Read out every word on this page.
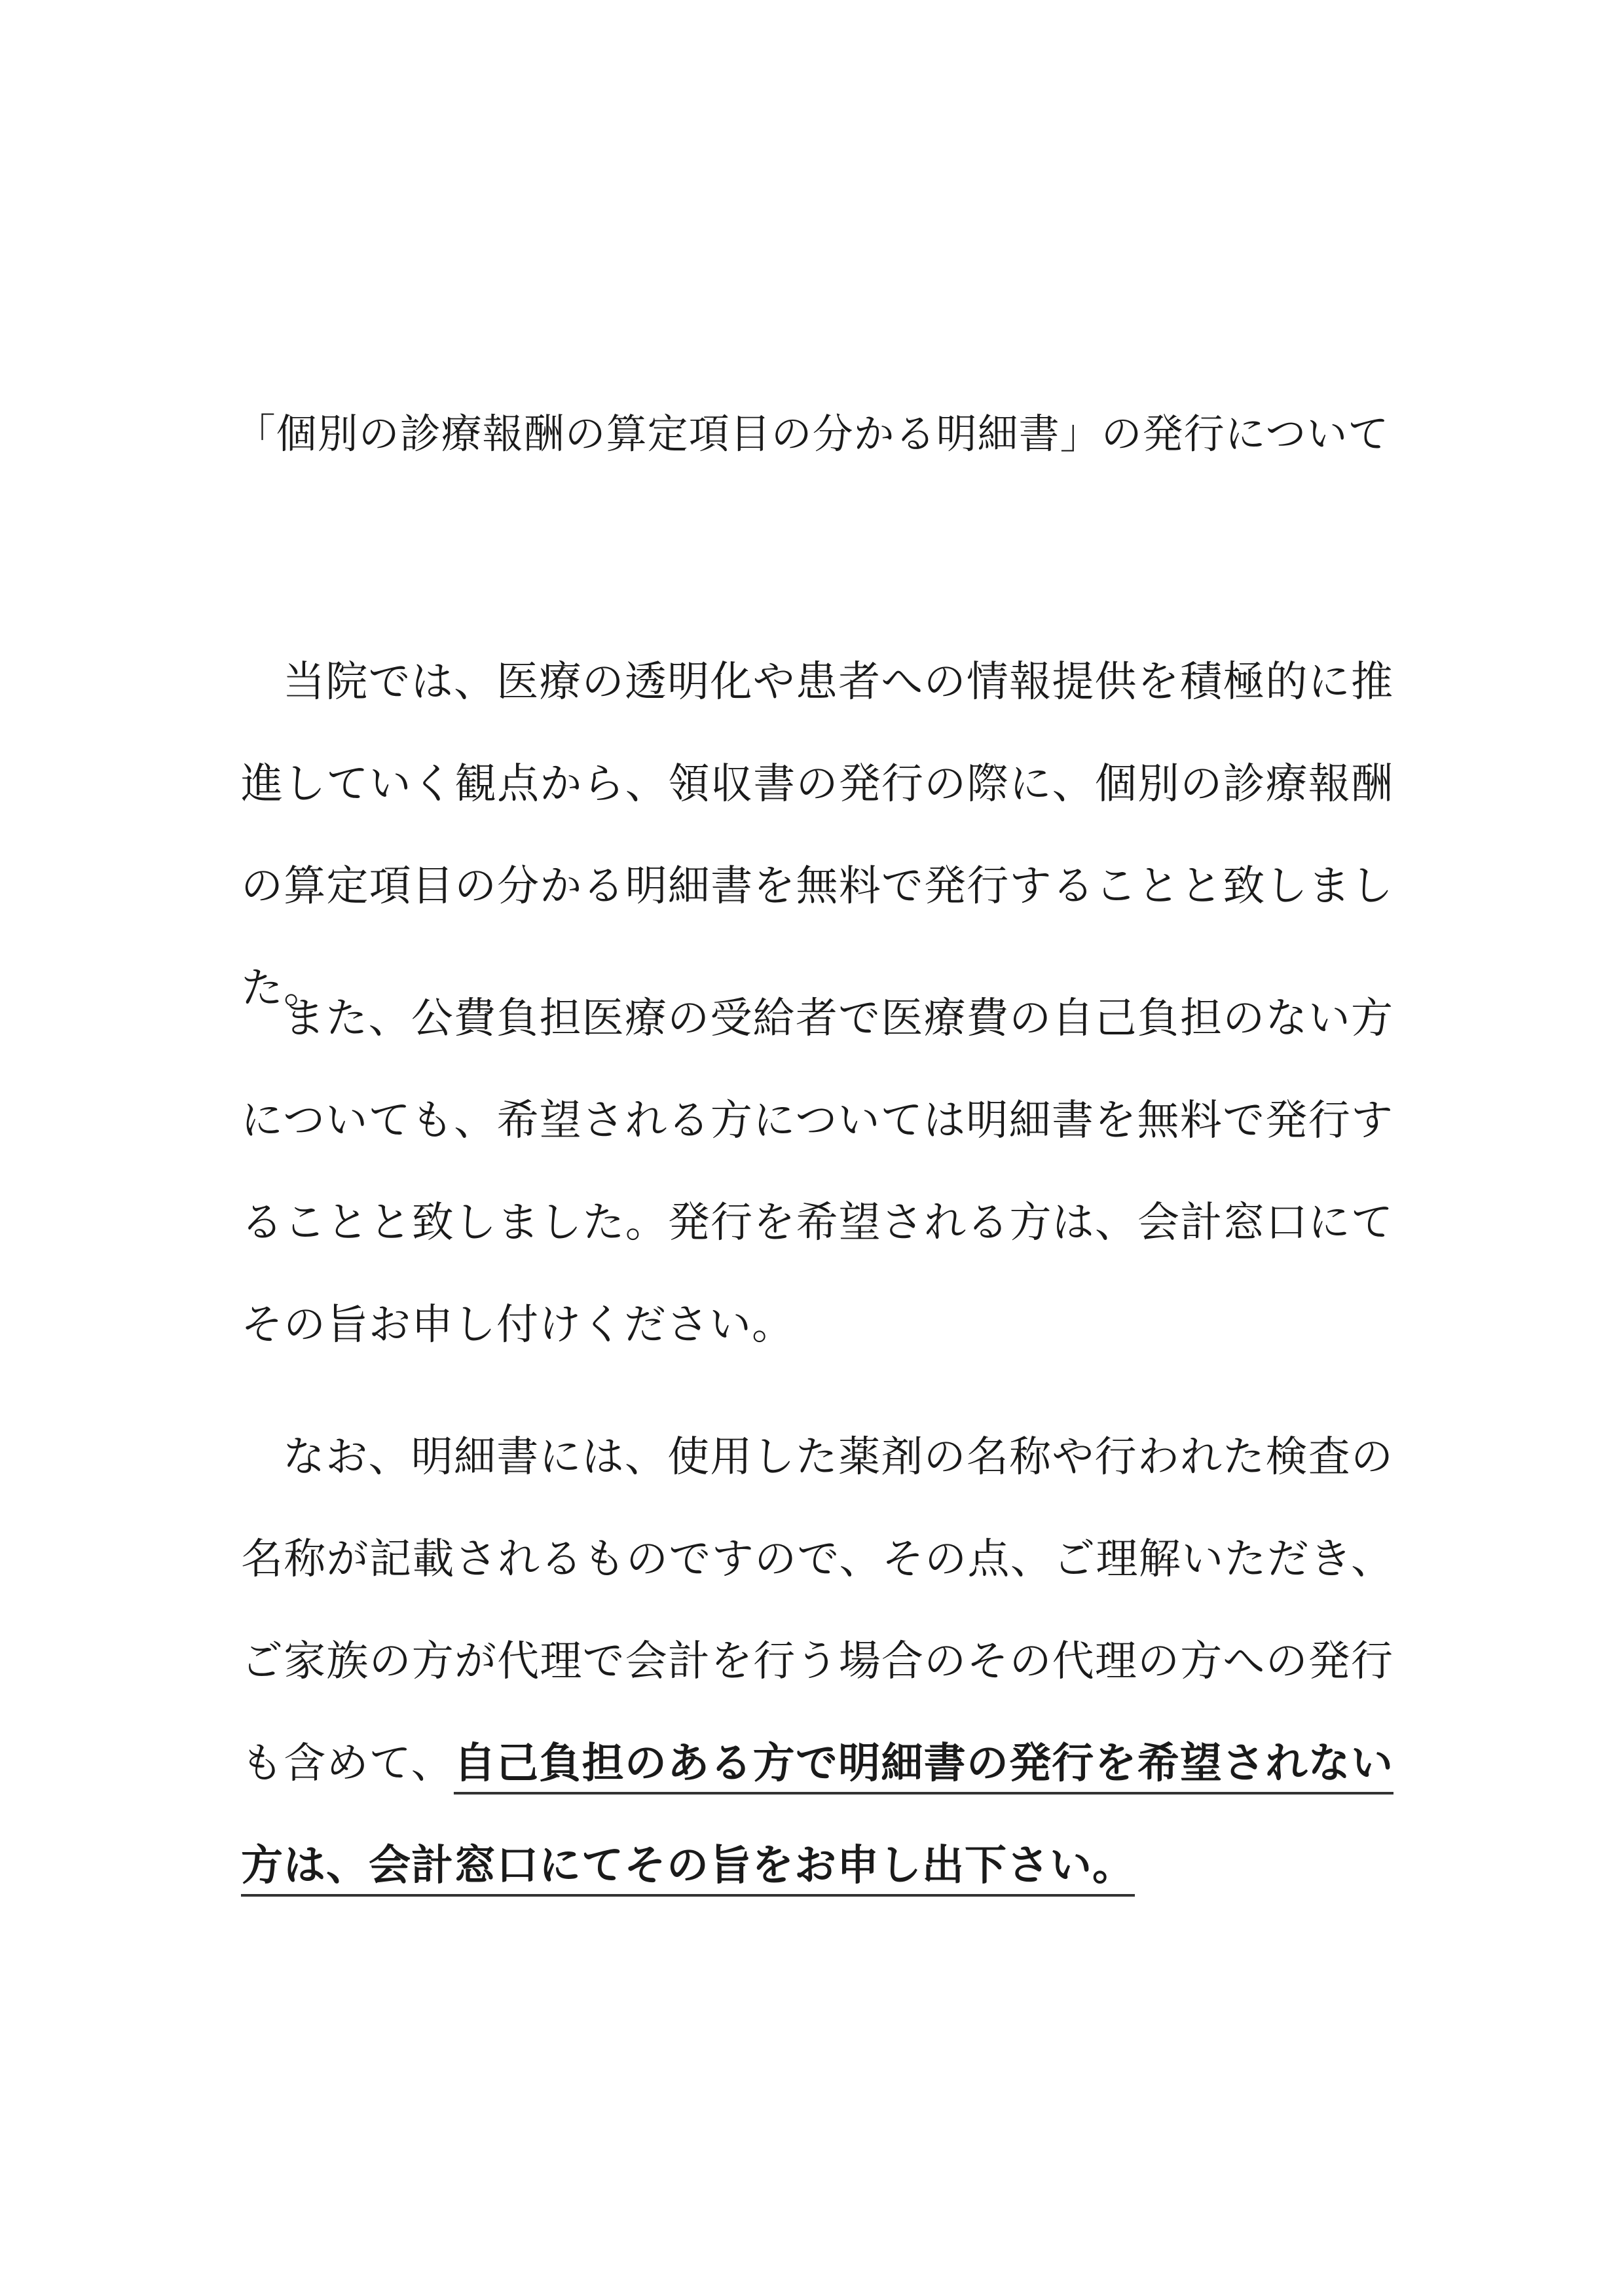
「個別の診療報酬の算定項目の分かる明細書」の発行について

当院では、医療の透明化や患者への情報提供を積極的に推進していく観点から、領収書の発行の際に、個別の診療報酬の算定項目の分かる明細書を無料で発行することと致しました。

また、公費負担医療の受給者で医療費の自己負担のない方についても、希望される方については明細書を無料で発行することと致しました。発行を希望される方は、会計窓口にてその旨お申し付けください。

なお、明細書には、使用した薬剤の名称や行われた検査の名称が記載されるものですので、その点、ご理解いただき、ご家族の方が代理で会計を行う場合のその代理の方への発行も含めて、自己負担のある方で明細書の発行を希望されない方は、会計窓口にてその旨をお申し出下さい。
